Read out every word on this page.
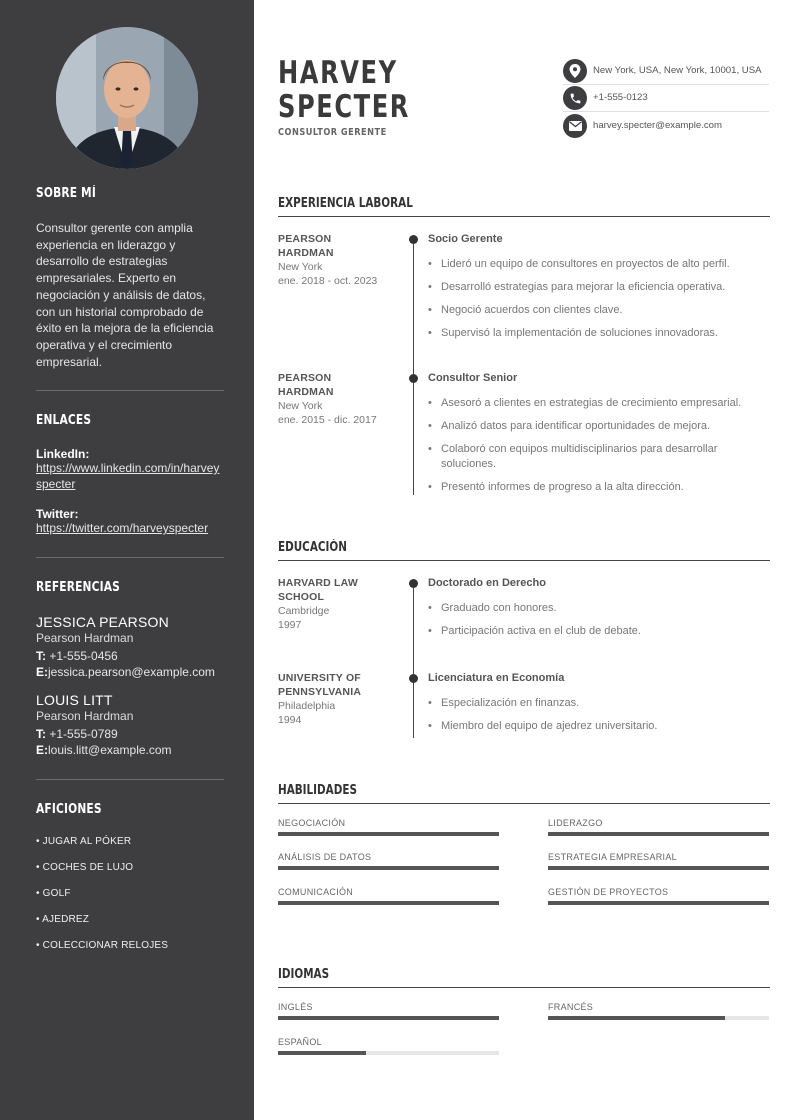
SOBRE MÍ
Consultor gerente con amplia experiencia en liderazgo y desarrollo de estrategias empresariales. Experto en negociación y análisis de datos, con un historial comprobado de éxito en la mejora de la eficiencia operativa y el crecimiento empresarial.
ENLACES
LinkedIn:
https://www.linkedin.com/in/harveyspecter
Twitter:
https://twitter.com/harveyspecter
REFERENCIAS
JESSICA PEARSON
Pearson Hardman
T: +1-555-0456
E:jessica.pearson@example.com
LOUIS LITT
Pearson Hardman
T: +1-555-0789
E:louis.litt@example.com
AFICIONES
• JUGAR AL PÓKER
• COCHES DE LUJO
• GOLF
• AJEDREZ
• COLECCIONAR RELOJES
HARVEY
SPECTER
CONSULTOR GERENTE
New York, USA, New York, 10001, USA
+1-555-0123
harvey.specter@example.com
EXPERIENCIA LABORAL
PEARSON
HARDMAN
New York
ene. 2018 - oct. 2023
Socio Gerente
• Lideró un equipo de consultores en proyectos de alto perfil.
• Desarrolló estrategias para mejorar la eficiencia operativa.
• Negoció acuerdos con clientes clave.
• Supervisó la implementación de soluciones innovadoras.
PEARSON
HARDMAN
New York
ene. 2015 - dic. 2017
Consultor Senior
• Asesoró a clientes en estrategias de crecimiento empresarial.
• Analizó datos para identificar oportunidades de mejora.
• Colaboró con equipos multidisciplinarios para desarrollar soluciones.
• Presentó informes de progreso a la alta dirección.
EDUCACIÓN
HARVARD LAW
SCHOOL
Cambridge
1997
Doctorado en Derecho
• Graduado con honores.
• Participación activa en el club de debate.
UNIVERSITY OF
PENNSYLVANIA
Philadelphia
1994
Licenciatura en Economía
• Especialización en finanzas.
• Miembro del equipo de ajedrez universitario.
HABILIDADES
NEGOCIACIÓN	LIDERAZGO
ANÁLISIS DE DATOS	ESTRATEGIA EMPRESARIAL
COMUNICACIÓN	GESTIÓN DE PROYECTOS
IDIOMAS
INGLÉS	FRANCÉS
ESPAÑOL
